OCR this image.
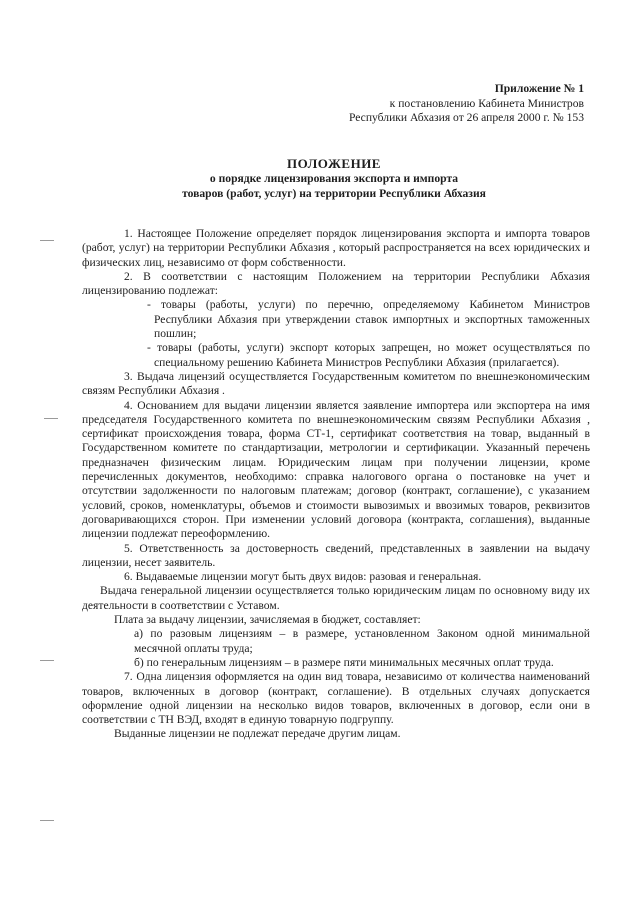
Приложение № 1
к постановлению Кабинета Министров
Республики Абхазия от 26 апреля 2000 г. № 153
ПОЛОЖЕНИЕ
о порядке лицензирования экспорта и импорта
товаров (работ, услуг) на территории Республики Абхазия

1. Настоящее Положение определяет порядок лицензирования экспорта и импорта товаров (работ, услуг) на территории Республики Абхазия , который распространяется на всех юридических и физических лиц, независимо от форм собственности.

2. В соответствии с настоящим Положением на территории Республики Абхазия лицензированию подлежат:

- товары (работы, услуги) по перечню, определяемому Кабинетом Министров Республики Абхазия при утверждении ставок импортных и экспортных таможенных пошлин;

- товары (работы, услуги) экспорт которых запрещен, но может осуществляться по специальному решению Кабинета Министров Республики Абхазия (прилагается).

3. Выдача лицензий осуществляется Государственным комитетом по внешнеэкономическим связям Республики Абхазия .

4. Основанием для выдачи лицензии является заявление импортера или экспортера на имя председателя Государственного комитета по внешнеэкономическим связям Республики Абхазия , сертификат происхождения товара, форма СТ-1, сертификат соответствия на товар, выданный в Государственном комитете по стандартизации, метрологии и сертификации. Указанный перечень предназначен физическим лицам. Юридическим лицам при получении лицензии, кроме перечисленных документов, необходимо: справка налогового органа о постановке на учет и отсутствии задолженности по налоговым платежам; договор (контракт, соглашение), с указанием условий, сроков, номенклатуры, объемов и стоимости вывозимых и ввозимых товаров, реквизитов договаривающихся сторон. При изменении условий договора (контракта, соглашения), выданные лицензии подлежат переоформлению.

5. Ответственность за достоверность сведений, представленных в заявлении на выдачу лицензии, несет заявитель.

6. Выдаваемые лицензии могут быть двух видов: разовая и генеральная.

Выдача генеральной лицензии осуществляется только юридическим лицам по основному виду их деятельности в соответствии с Уставом.

Плата за выдачу лицензии, зачисляемая в бюджет, составляет:

а) по разовым лицензиям – в размере, установленном Законом одной минимальной месячной оплаты труда;

б) по генеральным лицензиям – в размере пяти минимальных месячных оплат труда.

7. Одна лицензия оформляется на один вид товара, независимо от количества наименований товаров, включенных в договор (контракт, соглашение). В отдельных случаях допускается оформление одной лицензии на несколько видов товаров, включенных в договор, если они в соответствии с ТН ВЭД, входят в единую товарную подгруппу.

Выданные лицензии не подлежат передаче другим лицам.
